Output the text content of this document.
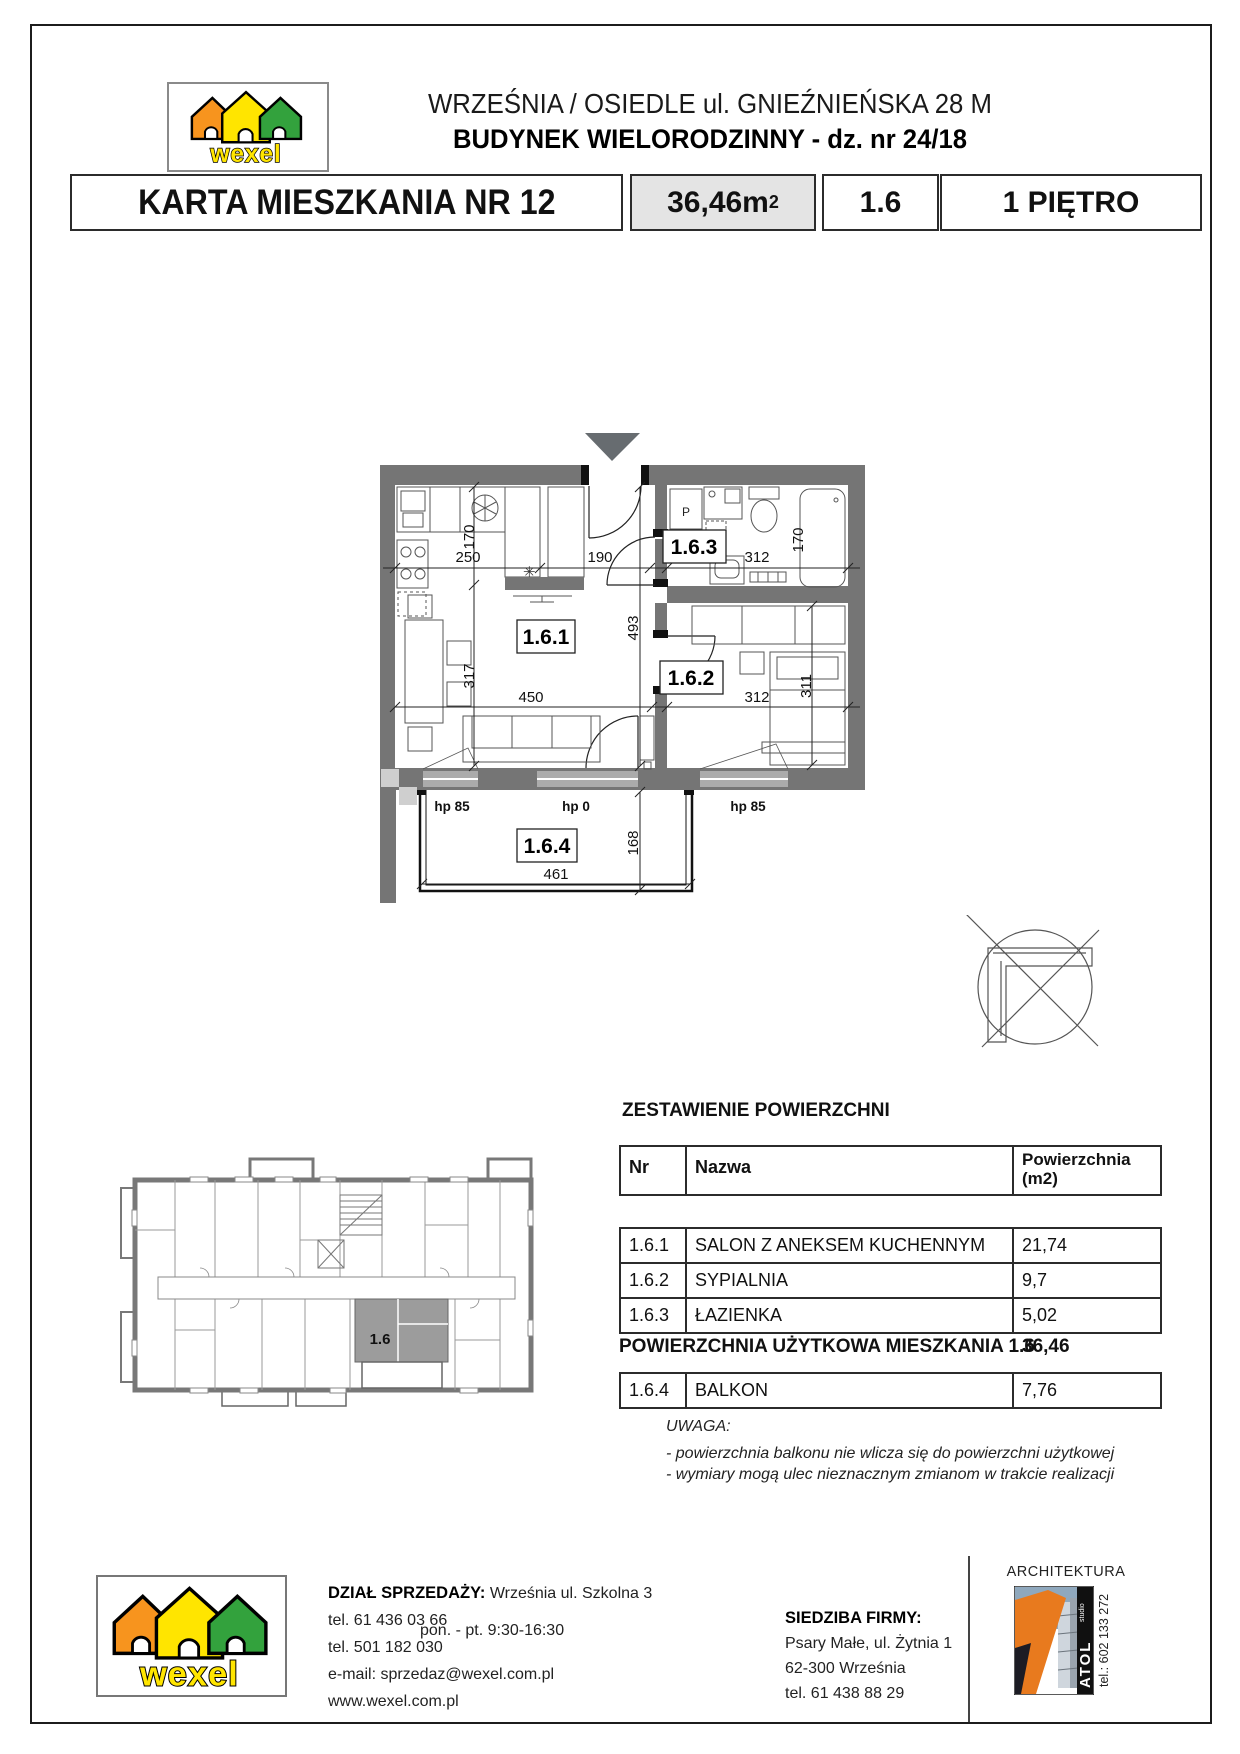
wexel
WRZEŚNIA / OSIEDLE ul. GNIEŹNIEŃSKA 28 M
BUDYNEK WIELORODZINNY - dz. nr 24/18
KARTA MIESZKANIA NR 12	36,46m 2	1.6	1 PIĘTRO
P
✳
250	190	312
450	312
170
317
493
170
311
461
168
hp 85	hp 0	hp 85
1.6.1
1.6.2
1.6.3
1.6.4
1.6
ZESTAWIENIE POWIERZCHNI
Nr	Nazwa	Powierzchnia
(m2)
1.6.1	SALON Z ANEKSEM KUCHENNYM	21,74
1.6.2	SYPIALNIA	9,7
1.6.3	ŁAZIENKA	5,02
POWIERZCHNIA UŻYTKOWA MIESZKANIA 1.6
36,46
1.6.4	BALKON	7,76
UWAGA:
- powierzchnia balkonu nie wlicza się do powierzchni użytkowej
- wymiary mogą ulec nieznacznym zmianom w trakcie realizacji
wexel
DZIAŁ SPRZEDAŻY: Września ul. Szkolna 3
tel. 61 436 03 66
tel. 501 182 030
e-mail: sprzedaz@wexel.com.pl
www.wexel.com.pl
pon. - pt. 9:30-16:30
SIEDZIBA FIRMY:
Psary Małe, ul. Żytnia 1
62-300 Września
tel. 61 438 88 29
ARCHITEKTURA
ATOL
studio tel.: 602 133 272
